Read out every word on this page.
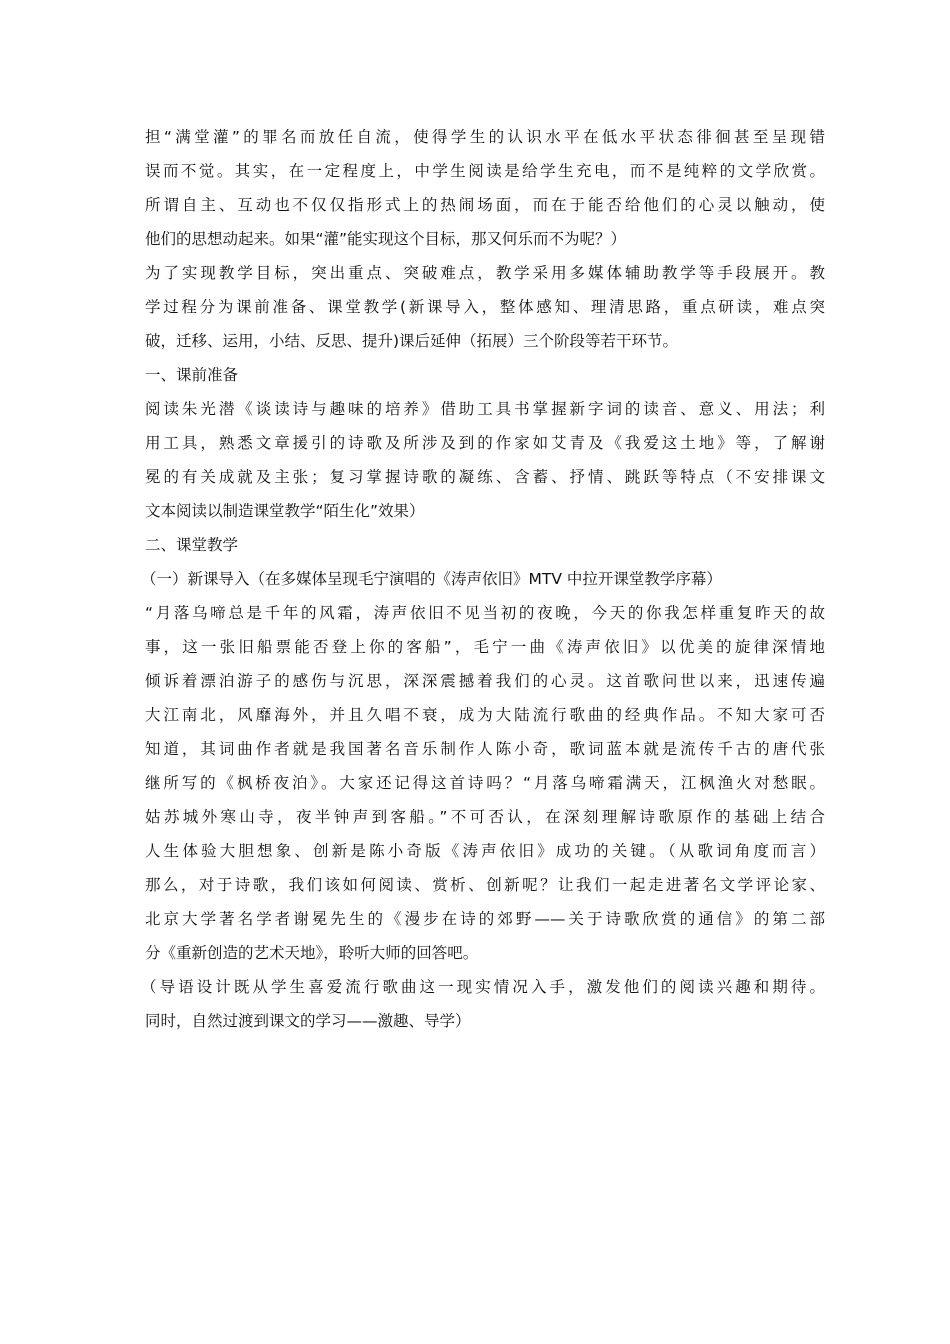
担“满堂灌”的罪名而放任自流，使得学生的认识水平在低水平状态徘徊甚至呈现错
误而不觉。其实，在一定程度上，中学生阅读是给学生充电，而不是纯粹的文学欣赏。
所谓自主、互动也不仅仅指形式上的热闹场面，而在于能否给他们的心灵以触动，使
他们的思想动起来。如果“灌”能实现这个目标，那又何乐而不为呢？）
为了实现教学目标，突出重点、突破难点，教学采用多媒体辅助教学等手段展开。教
学过程分为课前准备、课堂教学(新课导入，整体感知、理清思路，重点研读，难点突
破，迁移、运用，小结、反思、提升)课后延伸（拓展）三个阶段等若干环节。
一、课前准备
阅读朱光潜《谈读诗与趣味的培养》借助工具书掌握新字词的读音、意义、用法；利
用工具，熟悉文章援引的诗歌及所涉及到的作家如艾青及《我爱这土地》等，了解谢
冕的有关成就及主张；复习掌握诗歌的凝练、含蓄、抒情、跳跃等特点（不安排课文
文本阅读以制造课堂教学“陌生化”效果）
二、课堂教学
（一）新课导入（在多媒体呈现毛宁演唱的《涛声依旧》MTV 中拉开课堂教学序幕）
“月落乌啼总是千年的风霜，涛声依旧不见当初的夜晚，今天的你我怎样重复昨天的故
事，这一张旧船票能否登上你的客船”，毛宁一曲《涛声依旧》以优美的旋律深情地
倾诉着漂泊游子的感伤与沉思，深深震撼着我们的心灵。这首歌问世以来，迅速传遍
大江南北，风靡海外，并且久唱不衰，成为大陆流行歌曲的经典作品。不知大家可否
知道，其词曲作者就是我国著名音乐制作人陈小奇，歌词蓝本就是流传千古的唐代张
继所写的《枫桥夜泊》。大家还记得这首诗吗？“月落乌啼霜满天，江枫渔火对愁眠。
姑苏城外寒山寺，夜半钟声到客船。”不可否认，在深刻理解诗歌原作的基础上结合
人生体验大胆想象、创新是陈小奇版《涛声依旧》成功的关键。（从歌词角度而言）
那么，对于诗歌，我们该如何阅读、赏析、创新呢？让我们一起走进著名文学评论家、
北京大学著名学者谢冕先生的《漫步在诗的郊野——关于诗歌欣赏的通信》的第二部
分《重新创造的艺术天地》，聆听大师的回答吧。
（导语设计既从学生喜爱流行歌曲这一现实情况入手，激发他们的阅读兴趣和期待。
同时，自然过渡到课文的学习——激趣、导学）
